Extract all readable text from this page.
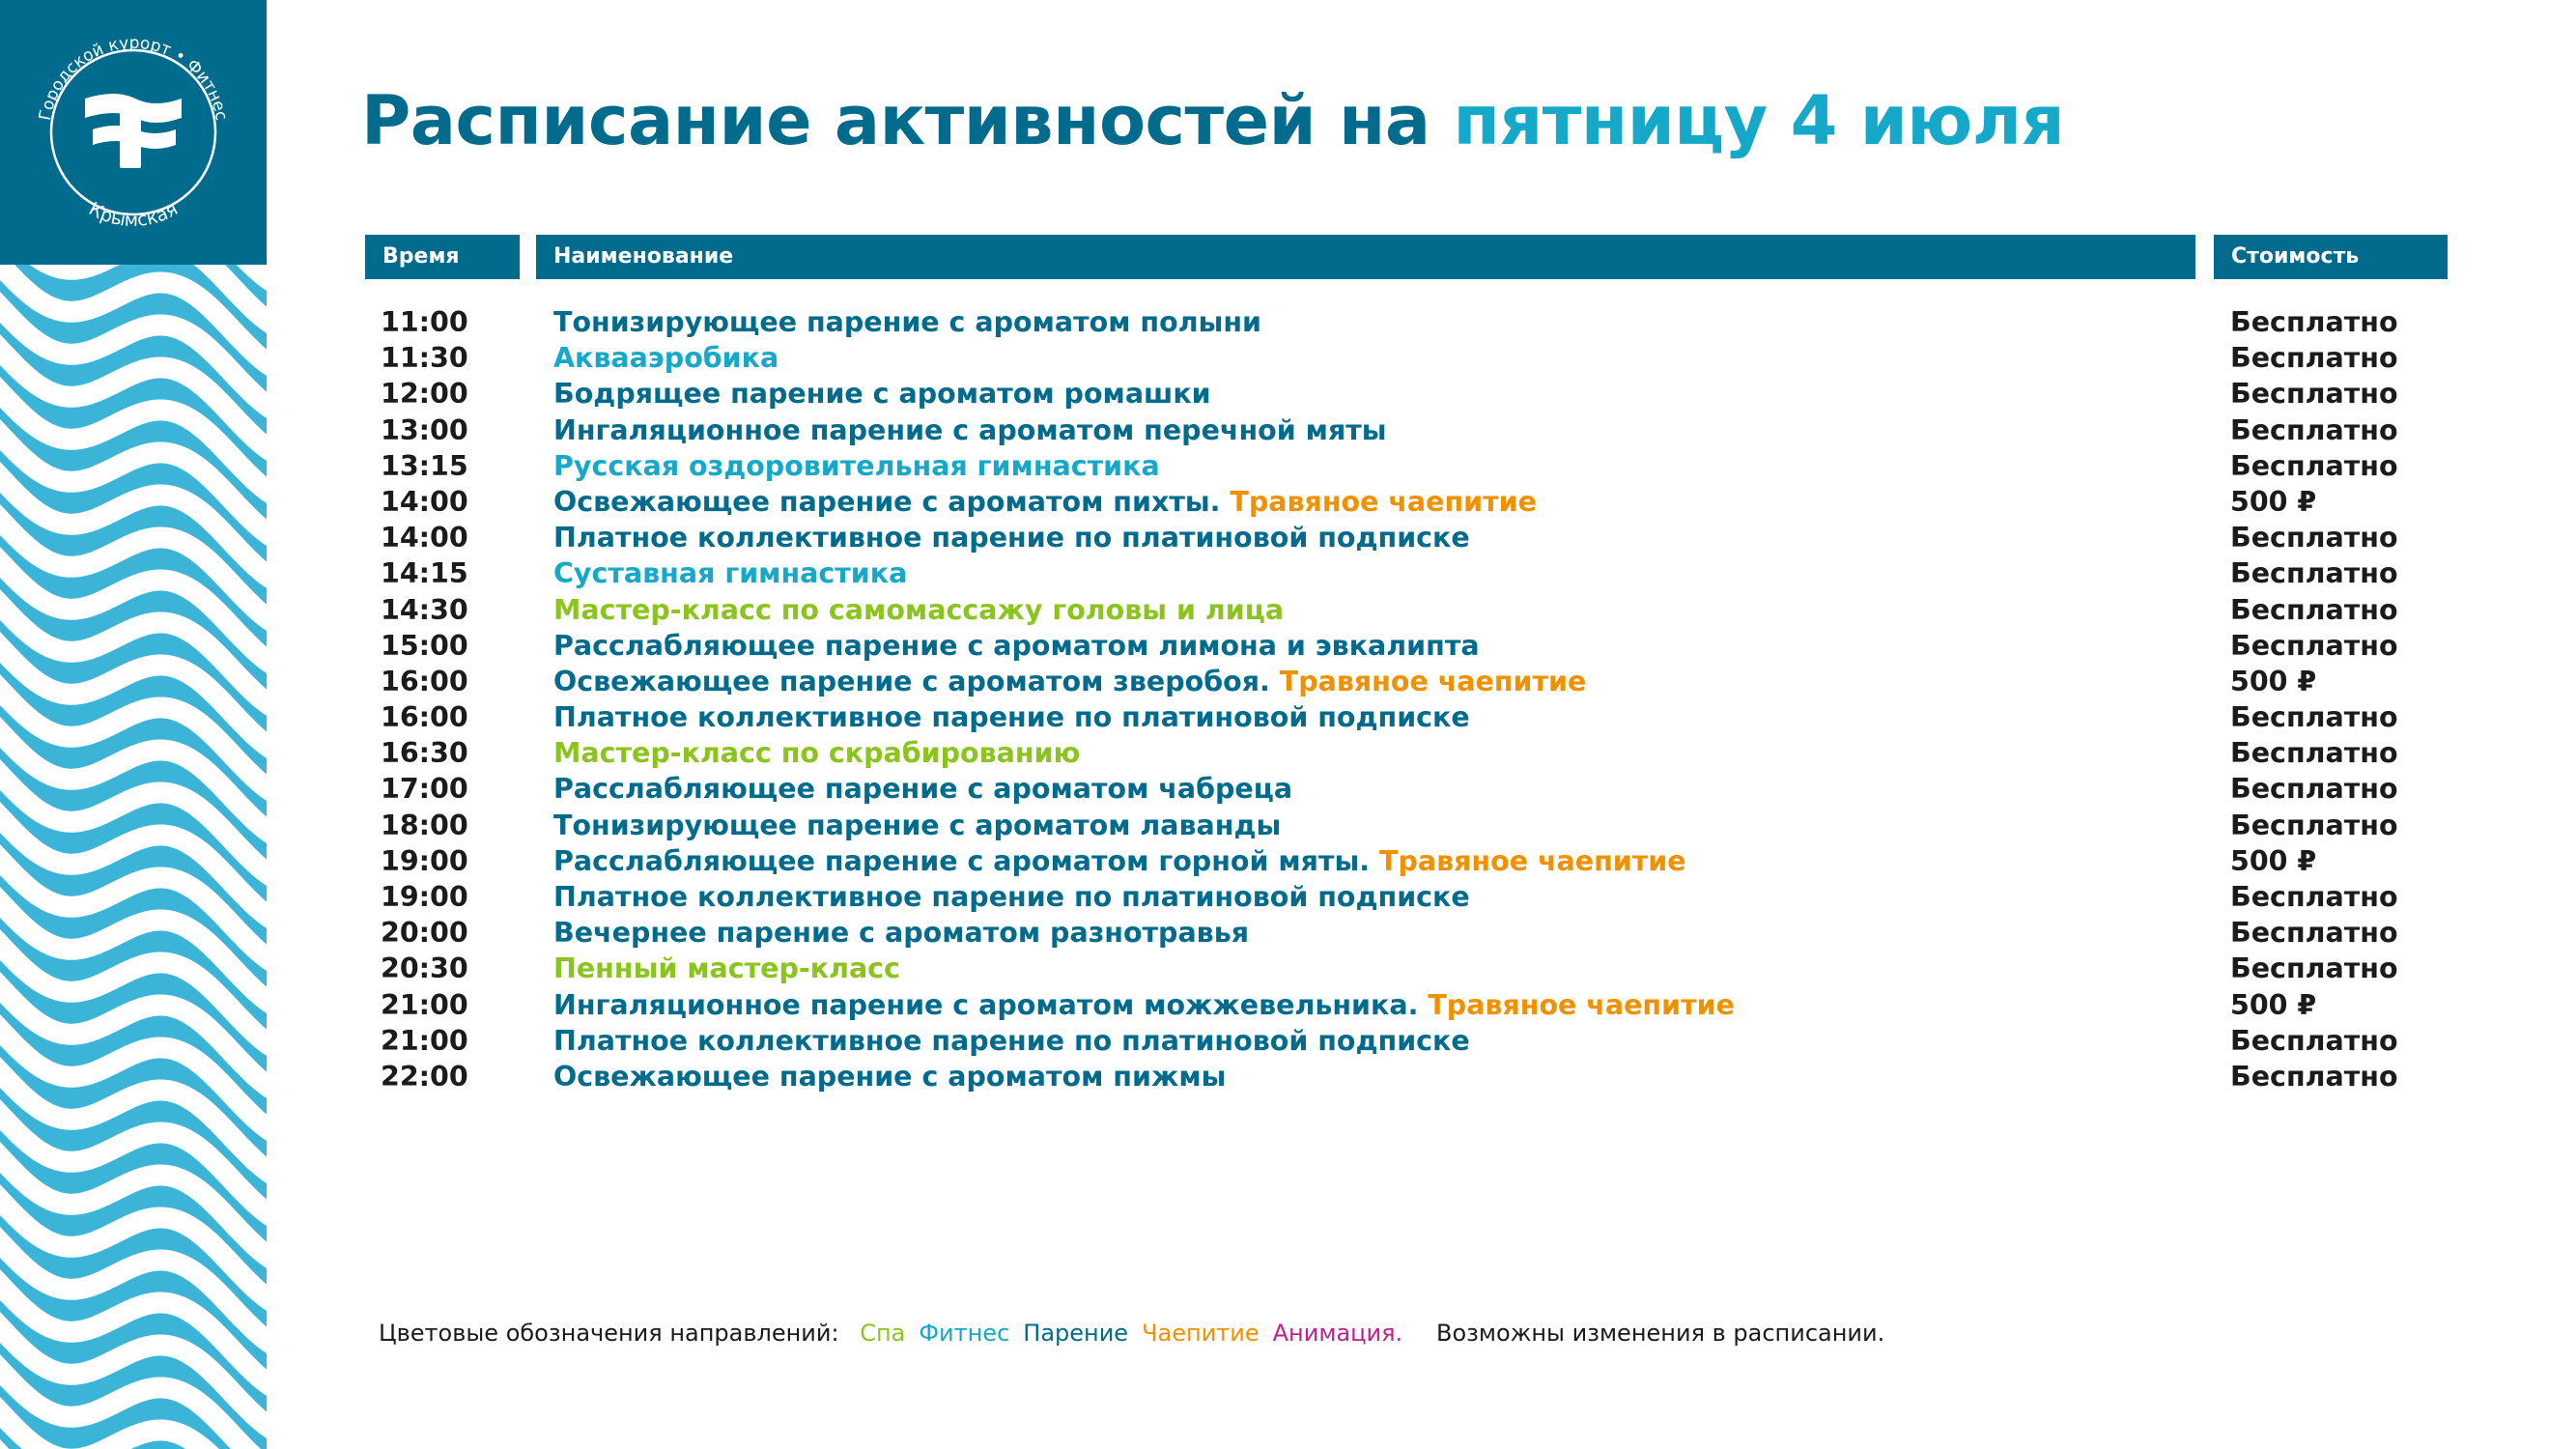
Городской курорт • Фитнес
Крымская
Расписание активностей на пятницу 4 июля
Время	Наименование	Стоимость
11:00	Тонизирующее парение с ароматом полыни	Бесплатно
11:30	Аквааэробика	Бесплатно
12:00	Бодрящее парение с ароматом ромашки	Бесплатно
13:00	Ингаляционное парение с ароматом перечной мяты	Бесплатно
13:15	Русская оздоровительная гимнастика	Бесплатно
14:00	Освежающее парение с ароматом пихты. Травяное чаепитие	500 ₽
14:00	Платное коллективное парение по платиновой подписке	Бесплатно
14:15	Суставная гимнастика	Бесплатно
14:30	Мастер-класс по самомассажу головы и лица	Бесплатно
15:00	Расслабляющее парение с ароматом лимона и эвкалипта	Бесплатно
16:00	Освежающее парение с ароматом зверобоя. Травяное чаепитие	500 ₽
16:00	Платное коллективное парение по платиновой подписке	Бесплатно
16:30	Мастер-класс по скрабированию	Бесплатно
17:00	Расслабляющее парение с ароматом чабреца	Бесплатно
18:00	Тонизирующее парение с ароматом лаванды	Бесплатно
19:00	Расслабляющее парение с ароматом горной мяты. Травяное чаепитие	500 ₽
19:00	Платное коллективное парение по платиновой подписке	Бесплатно
20:00	Вечернее парение с ароматом разнотравья	Бесплатно
20:30	Пенный мастер-класс	Бесплатно
21:00	Ингаляционное парение с ароматом можжевельника. Травяное чаепитие	500 ₽
21:00	Платное коллективное парение по платиновой подписке	Бесплатно
22:00	Освежающее парение с ароматом пижмы	Бесплатно
Цветовые обозначения направлений: Спа Фитнес Парение Чаепитие Анимация.	Возможны изменения в расписании.
